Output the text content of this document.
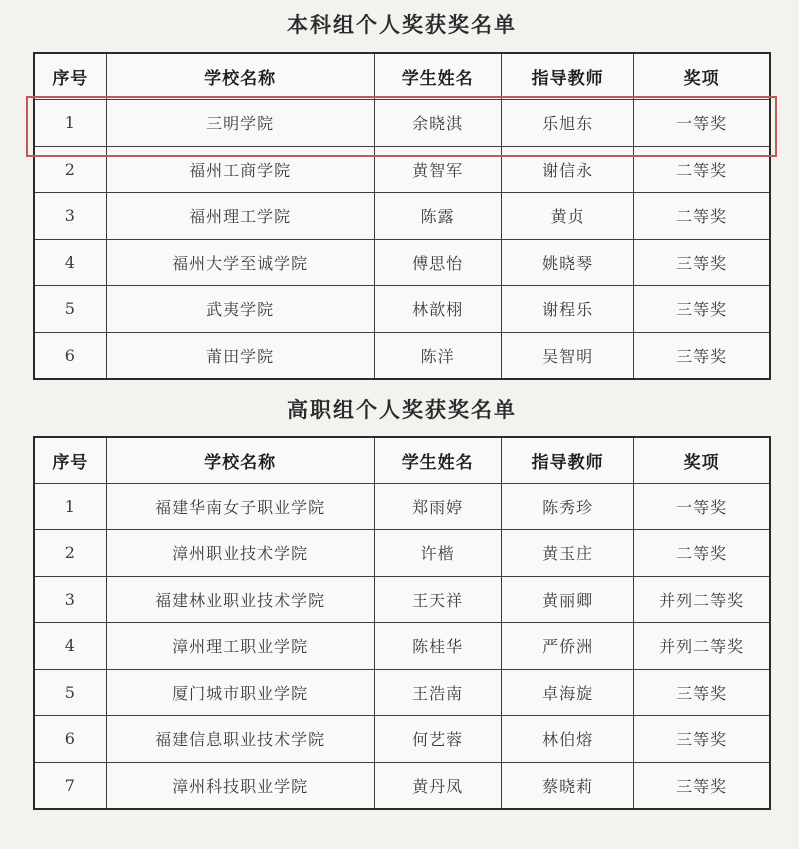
本科组个人奖获奖名单
序号	学校名称	学生姓名	指导教师	奖项
1	三明学院	余晓淇	乐旭东	一等奖
2	福州工商学院	黄智军	谢信永	二等奖
3	福州理工学院	陈露	黄贞	二等奖
4	福州大学至诚学院	傅思怡	姚晓琴	三等奖
5	武夷学院	林歆栩	谢程乐	三等奖
6	莆田学院	陈洋	吴智明	三等奖
高职组个人奖获奖名单
序号	学校名称	学生姓名	指导教师	奖项
1	福建华南女子职业学院	郑雨婷	陈秀珍	一等奖
2	漳州职业技术学院	许楷	黄玉庄	二等奖
3	福建林业职业技术学院	王天祥	黄丽卿	并列二等奖
4	漳州理工职业学院	陈桂华	严侨洲	并列二等奖
5	厦门城市职业学院	王浩南	卓海旋	三等奖
6	福建信息职业技术学院	何艺蓉	林伯熔	三等奖
7	漳州科技职业学院	黄丹凤	蔡晓莉	三等奖
